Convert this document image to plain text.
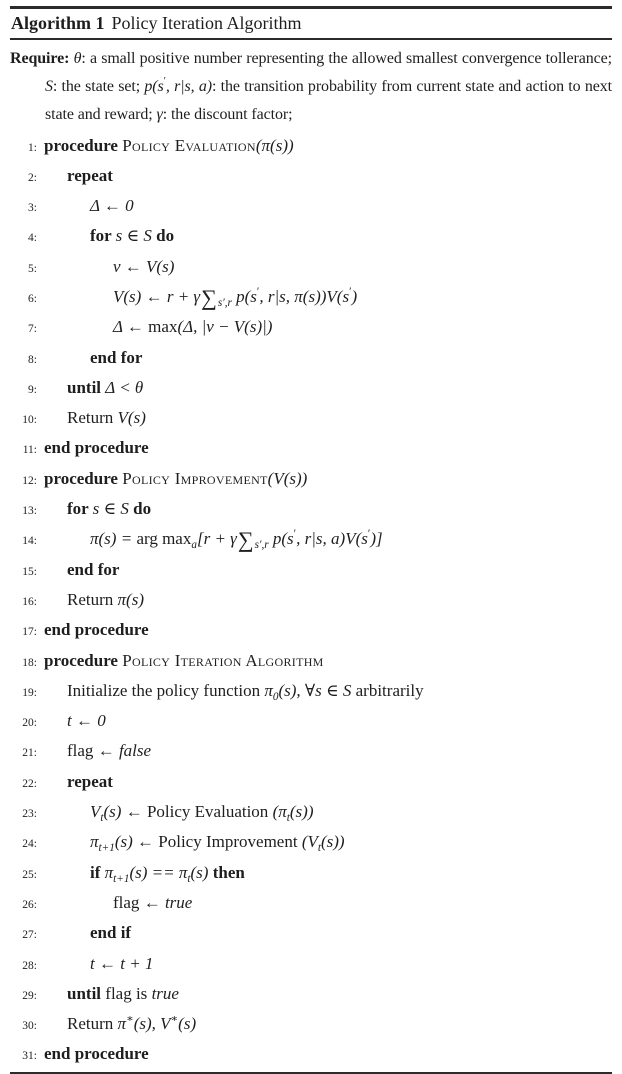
Algorithm 1 Policy Iteration Algorithm

Require: θ: a small positive number representing the allowed smallest convergence tollerance; S: the state set; p(s′, r|s, a): the transition probability from current state and action to next state and reward; γ: the discount factor;

1: procedure Policy Evaluation(π(s))
2:	repeat
3:	Δ ← 0
4:	for s ∈ S do
5:	v ← V(s)
6:	V(s) ← $r + \gamma\sum_{s',r}$ p(s′, r|s, π(s))V(s′)
7:	Δ ← max(Δ, |v − V(s)|)
8:	end for
9:	until Δ < θ
10:	Return V(s)
11: end procedure
12: procedure Policy Improvement(V(s))
13:	for s ∈ S do
14:	π(s) = arg $\max_a[r + \gamma\sum_{s',r}$ p(s′, r|s, a)V(s′)]
15:	end for
16:	Return π(s)
17: end procedure
18: procedure Policy Iteration Algorithm
19:	Initialize the policy function $\pi_0(s)$, ∀s ∈ S arbitrarily
20:	t ← 0
21:	flag ← false
22:	repeat
23:	$V_t(s)$ ← Policy Evaluation $(\pi_t(s))$
24:	$\pi_{t+1}(s)$ ← Policy Improvement $(V_t(s))$
25:	if $\pi_{t+1}(s) == \pi_t(s)$ then
26:	flag ← true
27:	end if
28:	t ← t + 1
29:	until flag is true
30:	Return π∗(s), V∗(s)
31: end procedure
